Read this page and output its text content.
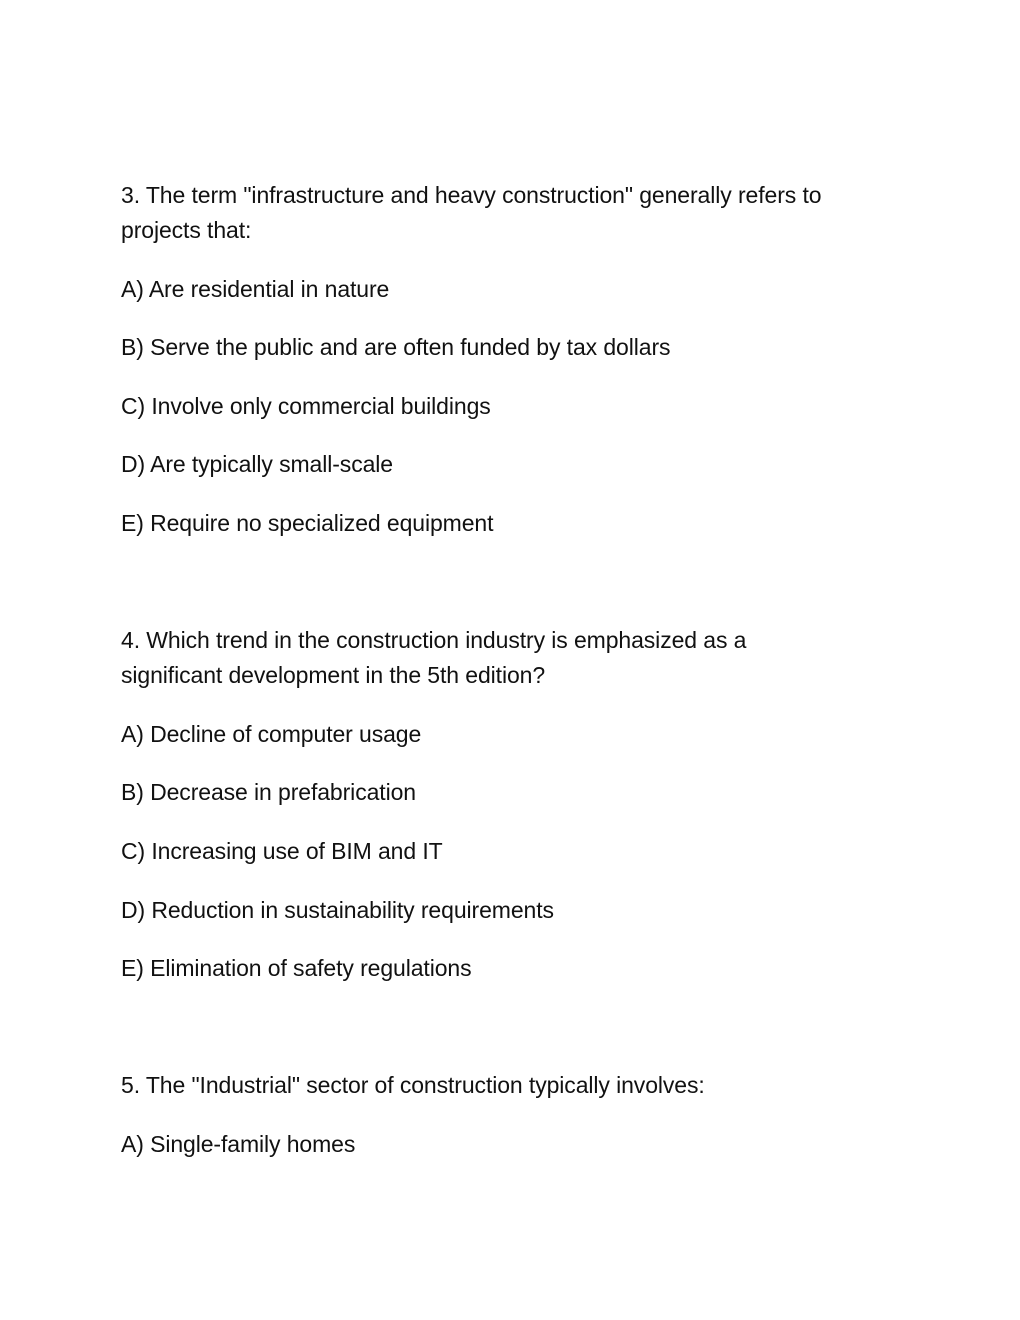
3. The term "infrastructure and heavy construction" generally refers to
projects that:
A) Are residential in nature
B) Serve the public and are often funded by tax dollars
C) Involve only commercial buildings
D) Are typically small-scale
E) Require no specialized equipment
4. Which trend in the construction industry is emphasized as a
significant development in the 5th edition?
A) Decline of computer usage
B) Decrease in prefabrication
C) Increasing use of BIM and IT
D) Reduction in sustainability requirements
E) Elimination of safety regulations
5. The "Industrial" sector of construction typically involves:
A) Single-family homes
